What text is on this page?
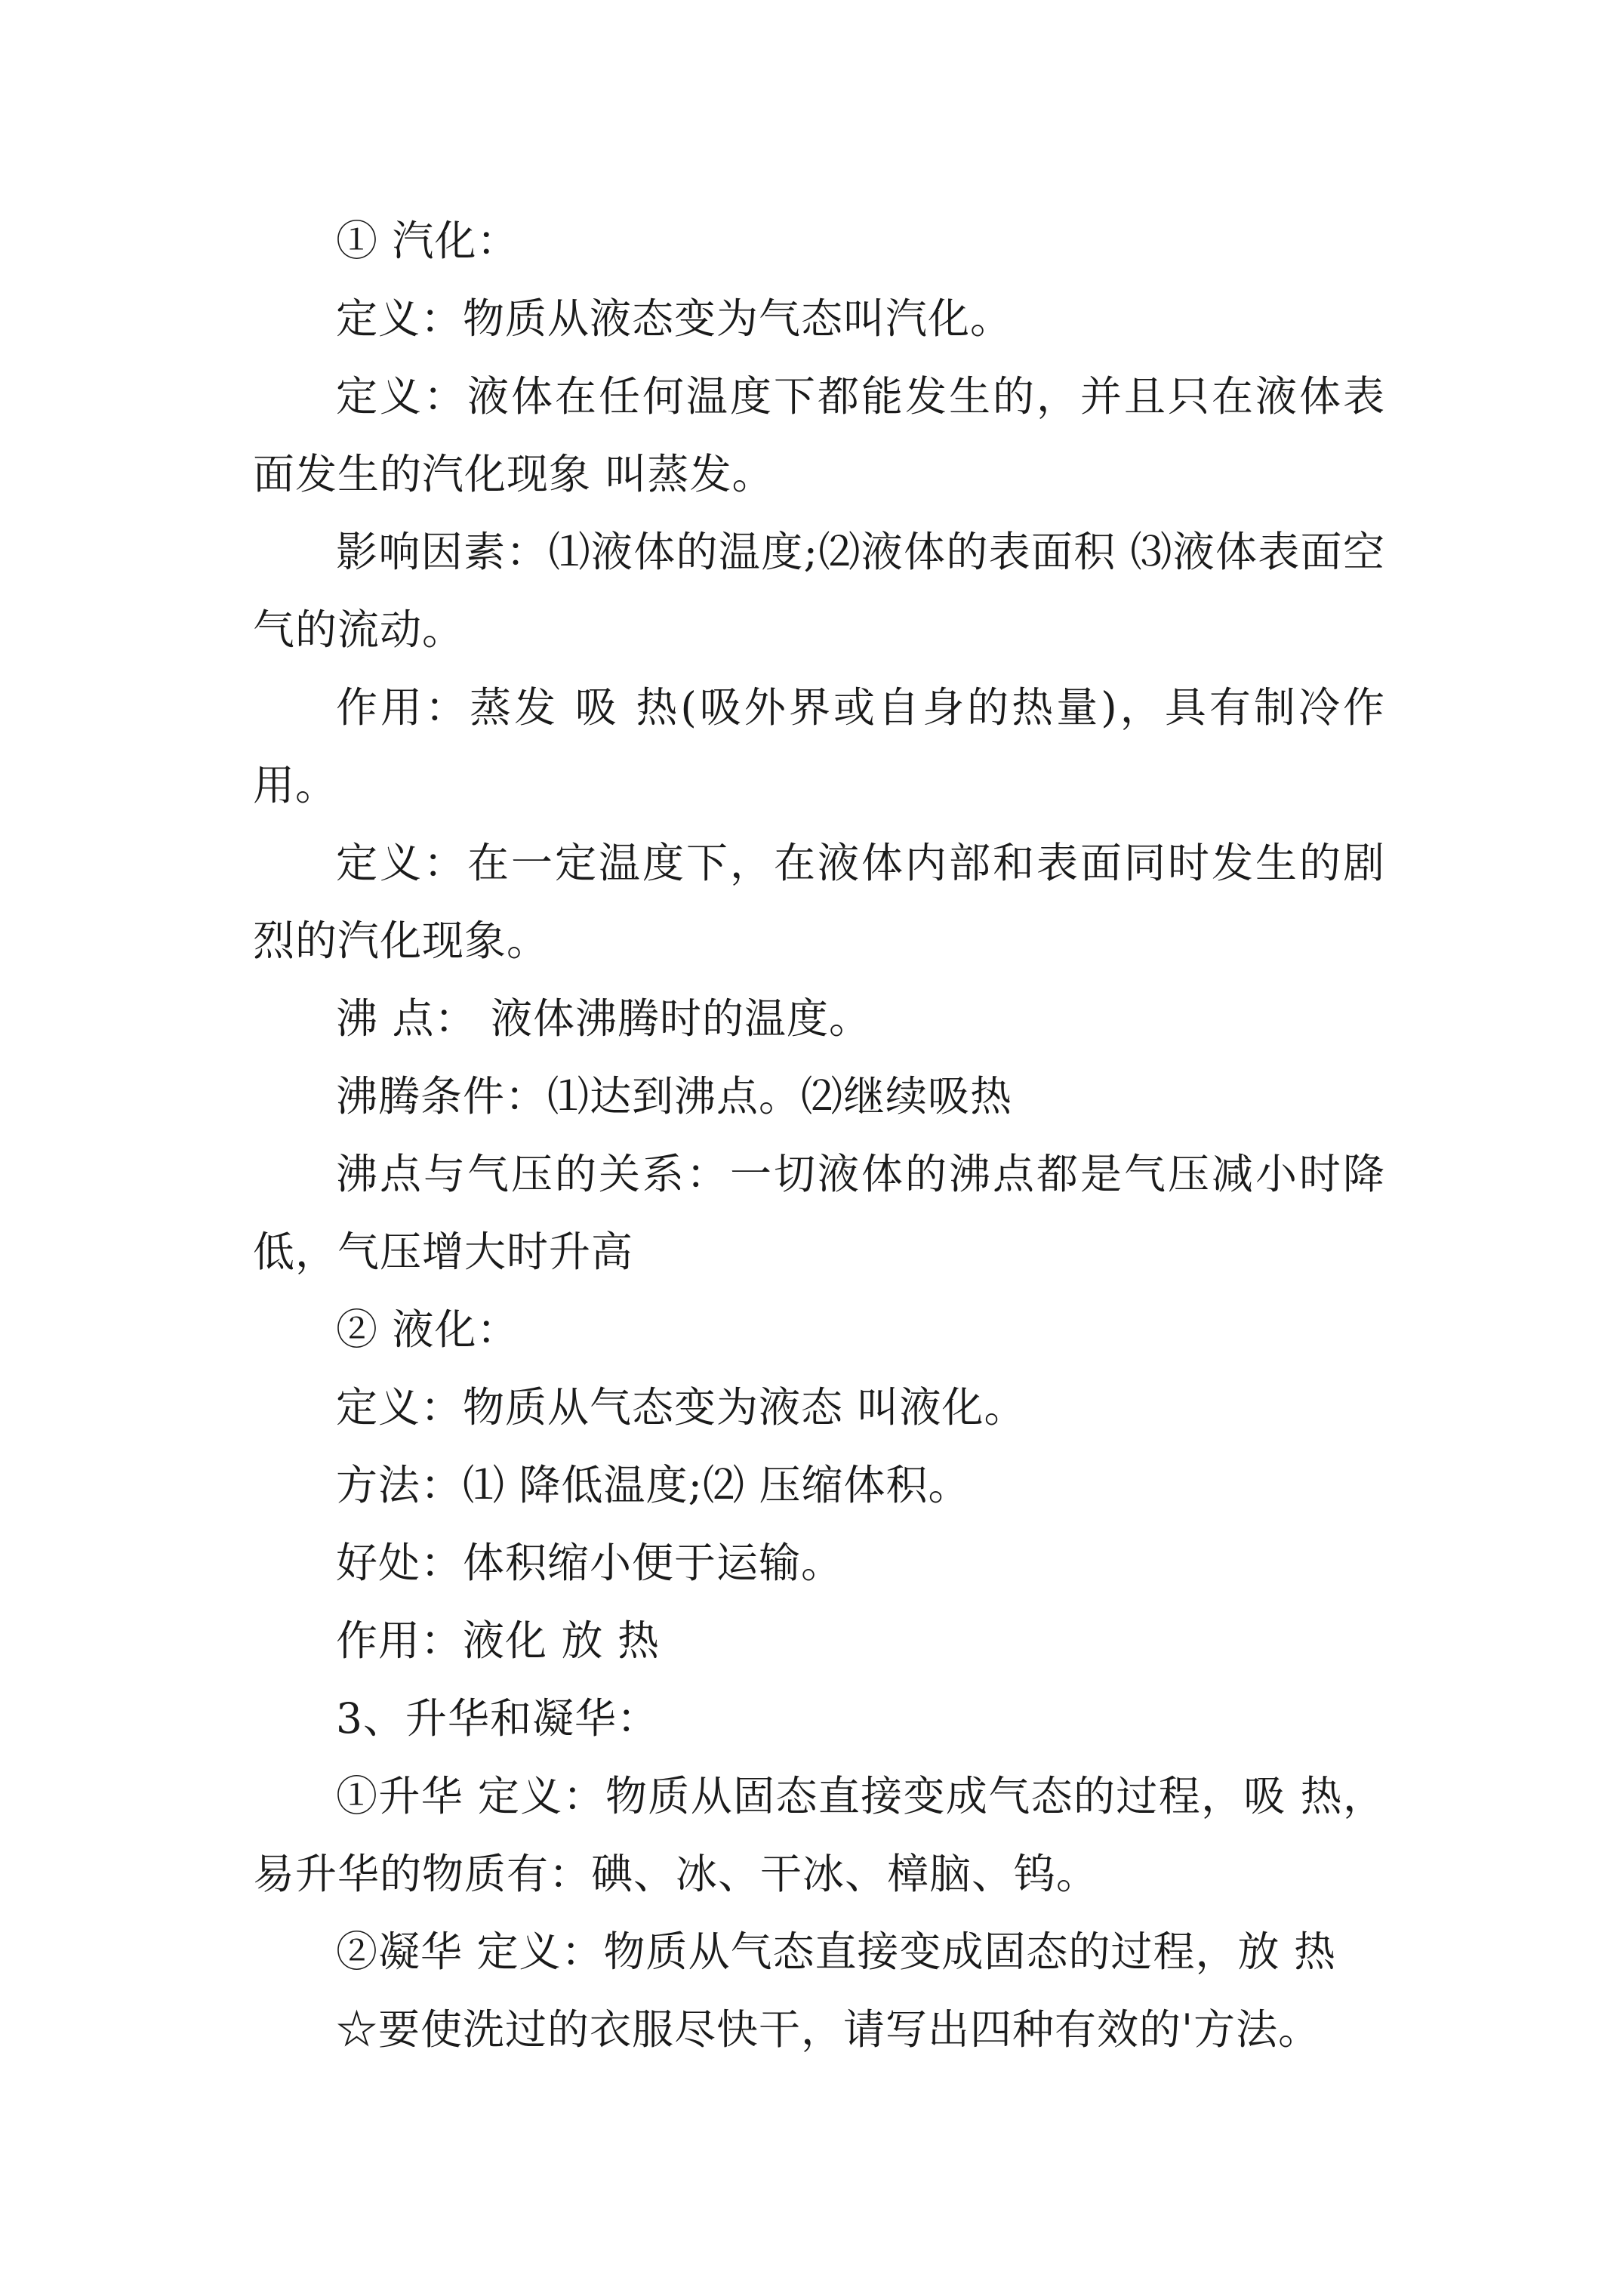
① 汽化：

定义：物质从液态变为气态叫汽化。

定义：液体在任何温度下都能发生的，并且只在液体表面发生的汽化现象 叫蒸发。

影响因素：⑴液体的温度;⑵液体的表面积 ⑶液体表面空气的流动。

作用：蒸发 吸 热(吸外界或自身的热量)，具有制冷作用。

定义：在一定温度下，在液体内部和表面同时发生的剧烈的汽化现象。

沸 点： 液体沸腾时的温度。

沸腾条件：⑴达到沸点。⑵继续吸热

沸点与气压的关系：一切液体的沸点都是气压减小时降低，气压增大时升高

② 液化：

定义：物质从气态变为液态 叫液化。

方法：⑴ 降低温度;⑵ 压缩体积。

好处：体积缩小便于运输。

作用：液化 放 热

3、升华和凝华：

①升华 定义：物质从固态直接变成气态的过程，吸 热，易升华的物质有：碘、冰、干冰、樟脑、钨。

②凝华 定义：物质从气态直接变成固态的过程，放 热

☆要使洗过的衣服尽快干，请写出四种有效的'方法。
